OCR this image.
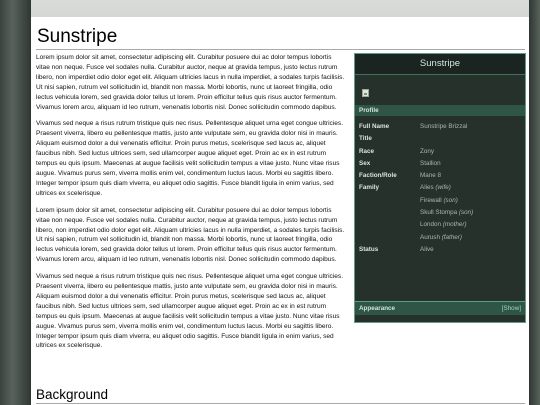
Sunstripe

Lorem ipsum dolor sit amet, consectetur adipiscing elit. Curabitur posuere dui ac dolor tempus lobortis vitae non neque. Fusce vel sodales nulla. Curabitur auctor, neque at gravida tempus, justo lectus rutrum libero, non imperdiet odio dolor eget elit. Aliquam ultricies lacus in nulla imperdiet, a sodales turpis facilisis. Ut nisi sapien, rutrum vel sollicitudin id, blandit non massa. Morbi lobortis, nunc ut laoreet fringilla, odio lectus vehicula lorem, sed gravida dolor tellus ut lorem. Proin efficitur tellus quis risus auctor fermentum. Vivamus lorem arcu, aliquam id leo rutrum, venenatis lobortis nisl. Donec sollicitudin commodo dapibus.

Vivamus sed neque a risus rutrum tristique quis nec risus. Pellentesque aliquet urna eget congue ultricies. Praesent viverra, libero eu pellentesque mattis, justo ante vulputate sem, eu gravida dolor nisi in mauris. Aliquam euismod dolor a dui venenatis efficitur. Proin purus metus, scelerisque sed lacus ac, aliquet faucibus nibh. Sed luctus ultrices sem, sed ullamcorper augue aliquet eget. Proin ac ex in est rutrum tempus eu quis ipsum. Maecenas at augue facilisis velit sollicitudin tempus a vitae justo. Nunc vitae risus augue. Vivamus purus sem, viverra mollis enim vel, condimentum luctus lacus. Morbi eu sagittis libero. Integer tempor ipsum quis diam viverra, eu aliquet odio sagittis. Fusce blandit ligula in enim varius, sed ultrices ex scelerisque.

Lorem ipsum dolor sit amet, consectetur adipiscing elit. Curabitur posuere dui ac dolor tempus lobortis vitae non neque. Fusce vel sodales nulla. Curabitur auctor, neque at gravida tempus, justo lectus rutrum libero, non imperdiet odio dolor eget elit. Aliquam ultricies lacus in nulla imperdiet, a sodales turpis facilisis. Ut nisi sapien, rutrum vel sollicitudin id, blandit non massa. Morbi lobortis, nunc ut laoreet fringilla, odio lectus vehicula lorem, sed gravida dolor tellus ut lorem. Proin efficitur tellus quis risus auctor fermentum. Vivamus lorem arcu, aliquam id leo rutrum, venenatis lobortis nisl. Donec sollicitudin commodo dapibus.

Vivamus sed neque a risus rutrum tristique quis nec risus. Pellentesque aliquet urna eget congue ultricies. Praesent viverra, libero eu pellentesque mattis, justo ante vulputate sem, eu gravida dolor nisi in mauris. Aliquam euismod dolor a dui venenatis efficitur. Proin purus metus, scelerisque sed lacus ac, aliquet faucibus nibh. Sed luctus ultrices sem, sed ullamcorper augue aliquet eget. Proin ac ex in est rutrum tempus eu quis ipsum. Maecenas at augue facilisis velit sollicitudin tempus a vitae justo. Nunc vitae risus augue. Vivamus purus sem, viverra mollis enim vel, condimentum luctus lacus. Morbi eu sagittis libero. Integer tempor ipsum quis diam viverra, eu aliquet odio sagittis. Fusce blandit ligula in enim varius, sed ultrices ex scelerisque.

Sunstripe
Profile
Full Name	Sunstripe Brizzal
Title
Race	Zony
Sex	Stallion
Faction/Role	Mane 8
Family	Alies (wife)
Firewall (son)
Skull Stompa (son)
London (mother)
Aurush (father)
Status	Alive
Appearance	[Show]
Background
